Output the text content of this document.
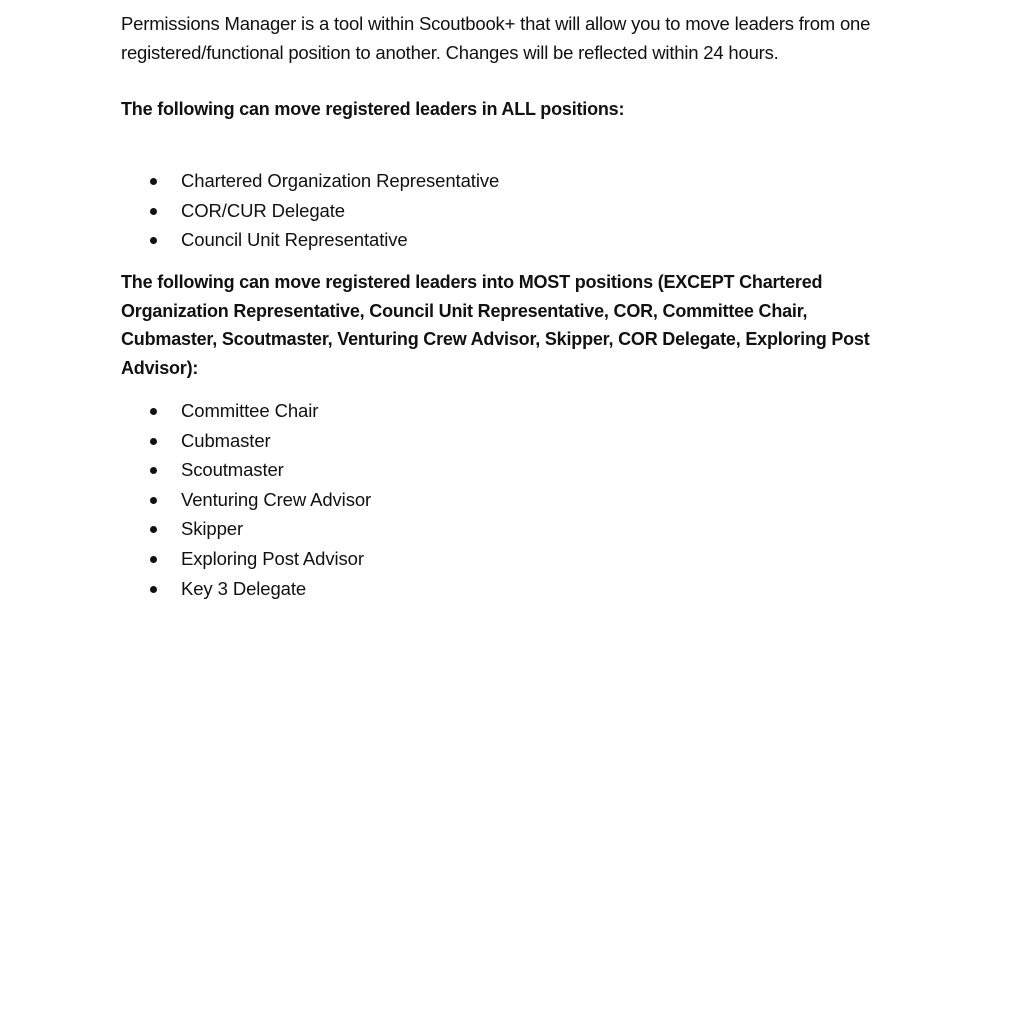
Permissions Manager is a tool within Scoutbook+ that will allow you to move leaders from one registered/functional position to another. Changes will be reflected within 24 hours.

The following can move registered leaders in ALL positions:

Chartered Organization Representative
COR/CUR Delegate
Council Unit Representative

The following can move registered leaders into MOST positions (EXCEPT Chartered Organization Representative, Council Unit Representative, COR, Committee Chair, Cubmaster, Scoutmaster, Venturing Crew Advisor, Skipper, COR Delegate, Exploring Post Advisor):

Committee Chair
Cubmaster
Scoutmaster
Venturing Crew Advisor
Skipper
Exploring Post Advisor
Key 3 Delegate
